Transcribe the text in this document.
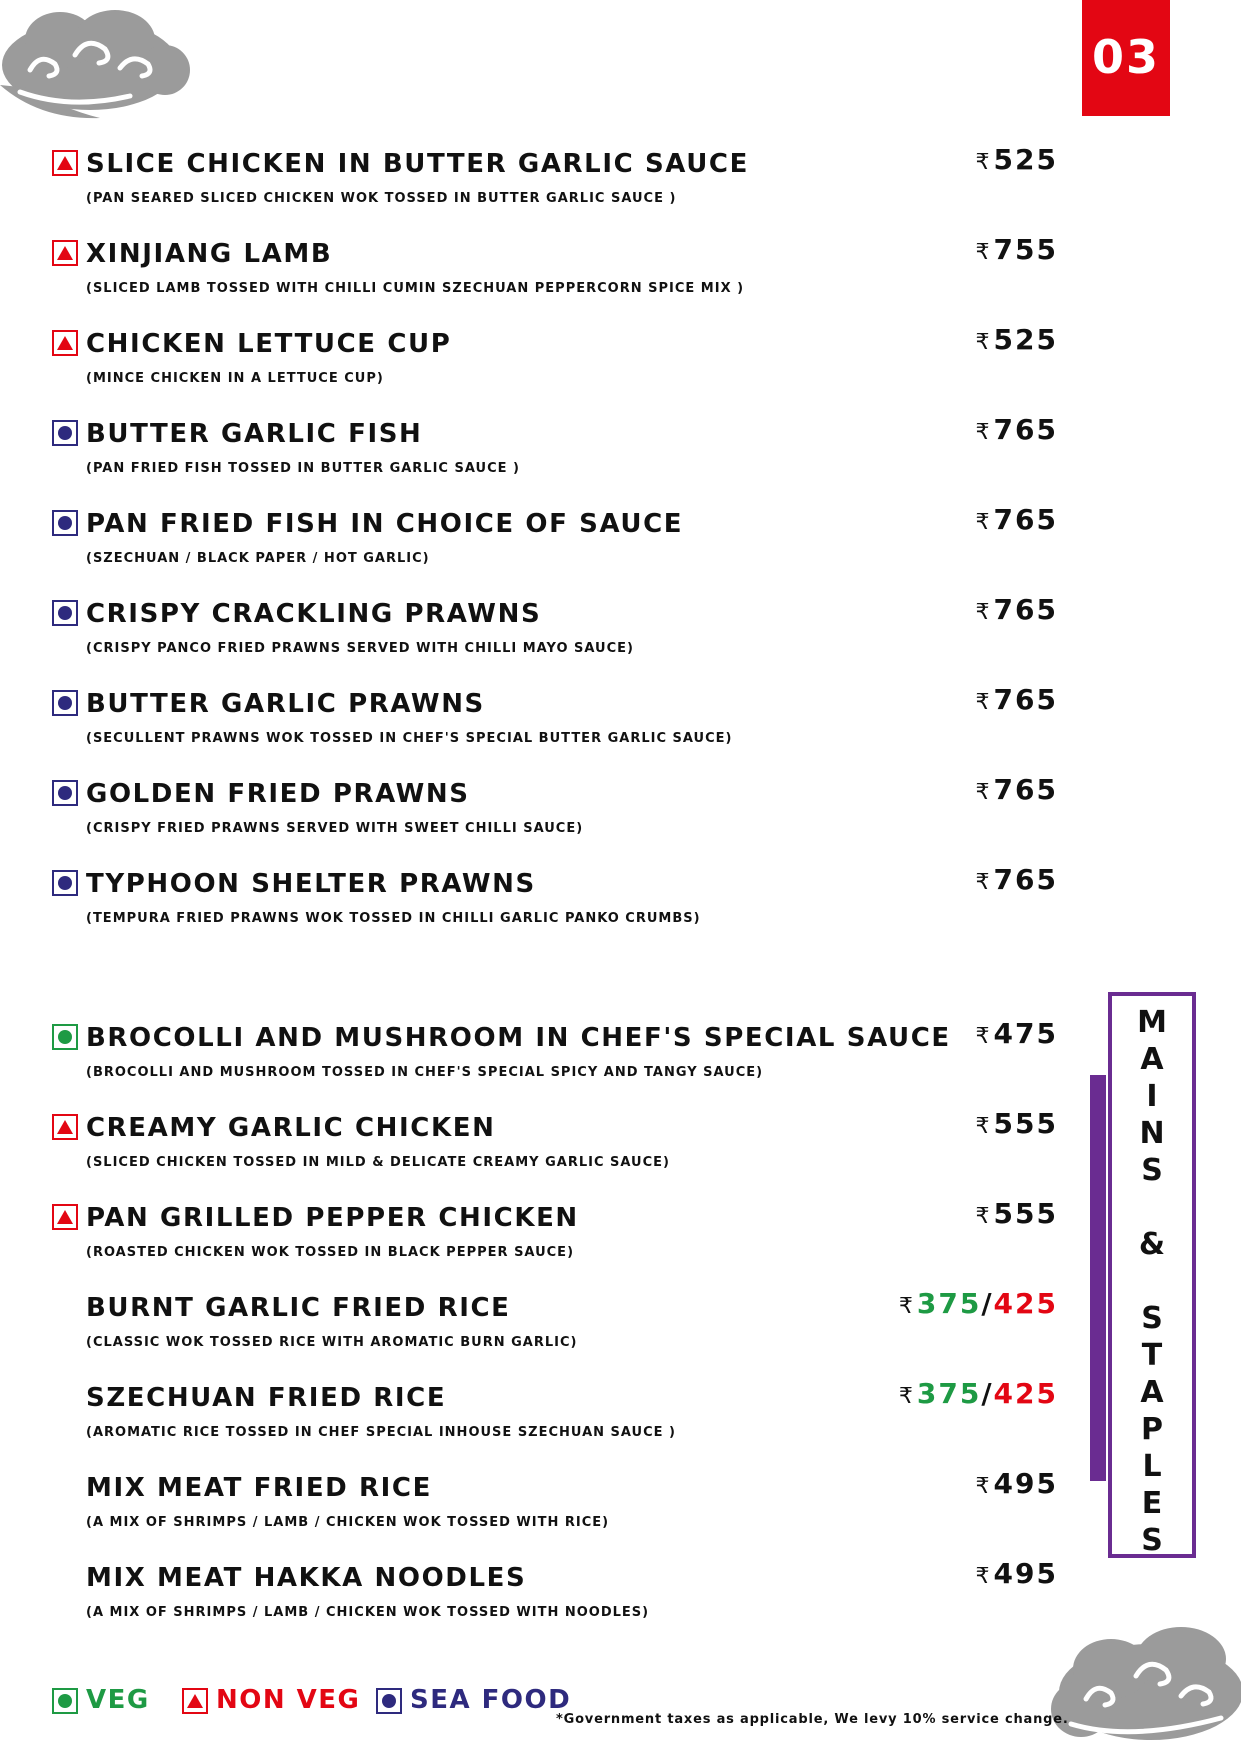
03
SLICE CHICKEN IN BUTTER GARLIC SAUCE	₹525
(PAN SEARED SLICED CHICKEN WOK TOSSED IN BUTTER GARLIC SAUCE )
XINJIANG LAMB	₹755
(SLICED LAMB TOSSED WITH CHILLI CUMIN SZECHUAN PEPPERCORN SPICE MIX )
CHICKEN LETTUCE CUP	₹525
(MINCE CHICKEN IN A LETTUCE CUP)
BUTTER GARLIC FISH	₹765
(PAN FRIED FISH TOSSED IN BUTTER GARLIC SAUCE )
PAN FRIED FISH IN CHOICE OF SAUCE	₹765
(SZECHUAN / BLACK PAPER / HOT GARLIC)
CRISPY CRACKLING PRAWNS	₹765
(CRISPY PANCO FRIED PRAWNS SERVED WITH CHILLI MAYO SAUCE)
BUTTER GARLIC PRAWNS	₹765
(SECULLENT PRAWNS WOK TOSSED IN CHEF'S SPECIAL BUTTER GARLIC SAUCE)
GOLDEN FRIED PRAWNS	₹765
(CRISPY FRIED PRAWNS SERVED WITH SWEET CHILLI SAUCE)
TYPHOON SHELTER PRAWNS	₹765
(TEMPURA FRIED PRAWNS WOK TOSSED IN CHILLI GARLIC PANKO CRUMBS)
BROCOLLI AND MUSHROOM IN CHEF'S SPECIAL SAUCE ₹475
(BROCOLLI AND MUSHROOM TOSSED IN CHEF'S SPECIAL SPICY AND TANGY SAUCE)
CREAMY GARLIC CHICKEN	₹555
(SLICED CHICKEN TOSSED IN MILD & DELICATE CREAMY GARLIC SAUCE)
PAN GRILLED PEPPER CHICKEN	₹555
(ROASTED CHICKEN WOK TOSSED IN BLACK PEPPER SAUCE)
BURNT GARLIC FRIED RICE	₹375/425
(CLASSIC WOK TOSSED RICE WITH AROMATIC BURN GARLIC)
SZECHUAN FRIED RICE	₹375/425
(AROMATIC RICE TOSSED IN CHEF SPECIAL INHOUSE SZECHUAN SAUCE )
MIX MEAT FRIED RICE	₹495
(A MIX OF SHRIMPS / LAMB / CHICKEN WOK TOSSED WITH RICE)
MIX MEAT HAKKA NOODLES	₹495
(A MIX OF SHRIMPS / LAMB / CHICKEN WOK TOSSED WITH NOODLES)
M
A
I
N
S
&
S
T
A
P
L
E
S
VEG	NON VEG SEA FOOD
*Government taxes as applicable, We levy 10% service change.
